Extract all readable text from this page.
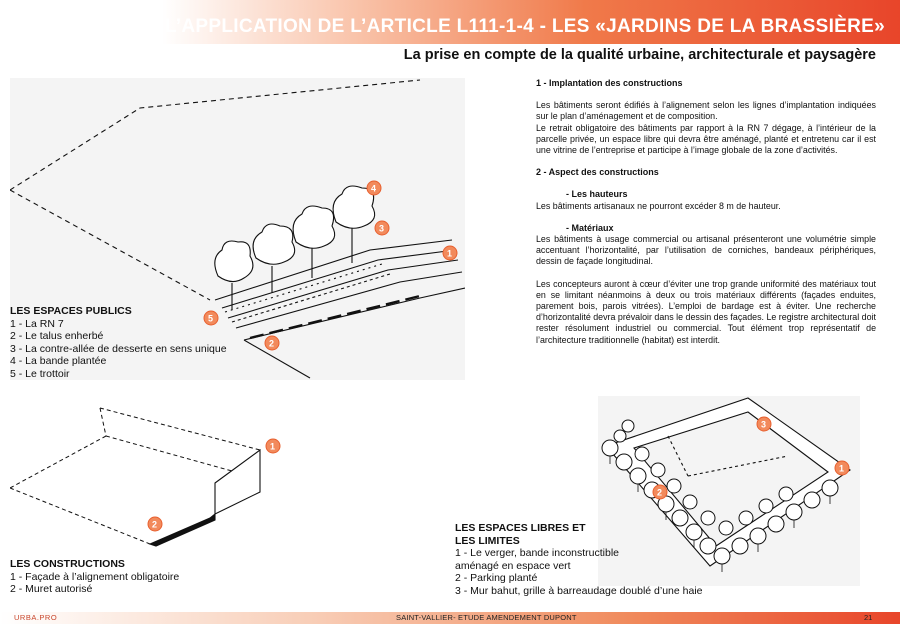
L’APPLICATION DE L’ARTICLE L111-1-4 - LES «JARDINS DE LA BRASSIÈRE»
La prise en compte de la qualité urbaine, architecturale et paysagère
1
2
3
4
5
LES ESPACES PUBLICS
1 - La RN 7
2 - Le talus enherbé
3 - La contre-allée de desserte en sens unique
4 - La bande plantée
5 - Le trottoir
1
2
LES CONSTRUCTIONS
1 - Façade à l’alignement obligatoire
2 - Muret autorisé
1 - Implantation des constructions

Les bâtiments seront édifiés à l’alignement selon les lignes d’implantation indiquées sur le plan d’aménagement et de composition.

Le retrait obligatoire des bâtiments par rapport à la RN 7 dégage, à l’intérieur de la parcelle privée, un espace libre qui devra être aménagé, planté et entretenu car il est une vitrine de l’entreprise et participe à l’image globale de la zone d’activités.

2 - Aspect des constructions
- Les hauteurs

Les bâtiments artisanaux ne pourront excéder 8 m de hauteur.

- Matériaux

Les bâtiments à usage commercial ou artisanal présenteront une volumétrie simple accentuant l’horizontalité, par l’utilisation de corniches, bandeaux périphériques, dessin de façade longitudinal.

Les concepteurs auront à cœur d’éviter une trop grande uniformité des matériaux tout en se limitant néanmoins à deux ou trois matériaux différents (façades enduites, parement bois, parois vitrées). L’emploi de bardage est à éviter. Une recherche d’horizontalité devra prévaloir dans le dessin des façades. Le registre architectural doit rester résolument industriel ou commercial. Tout élément trop représentatif de l’architecture traditionnelle (habitat) est interdit.

1
2
3
LES ESPACES LIBRES ET
LES LIMITES
1 - Le verger, bande inconstructible
aménagé en espace vert
2 - Parking planté
3 - Mur bahut, grille à barreaudage doublé d’une haie
URBA.PRO	SAINT-VALLIER- ETUDE AMENDEMENT DUPONT	21
